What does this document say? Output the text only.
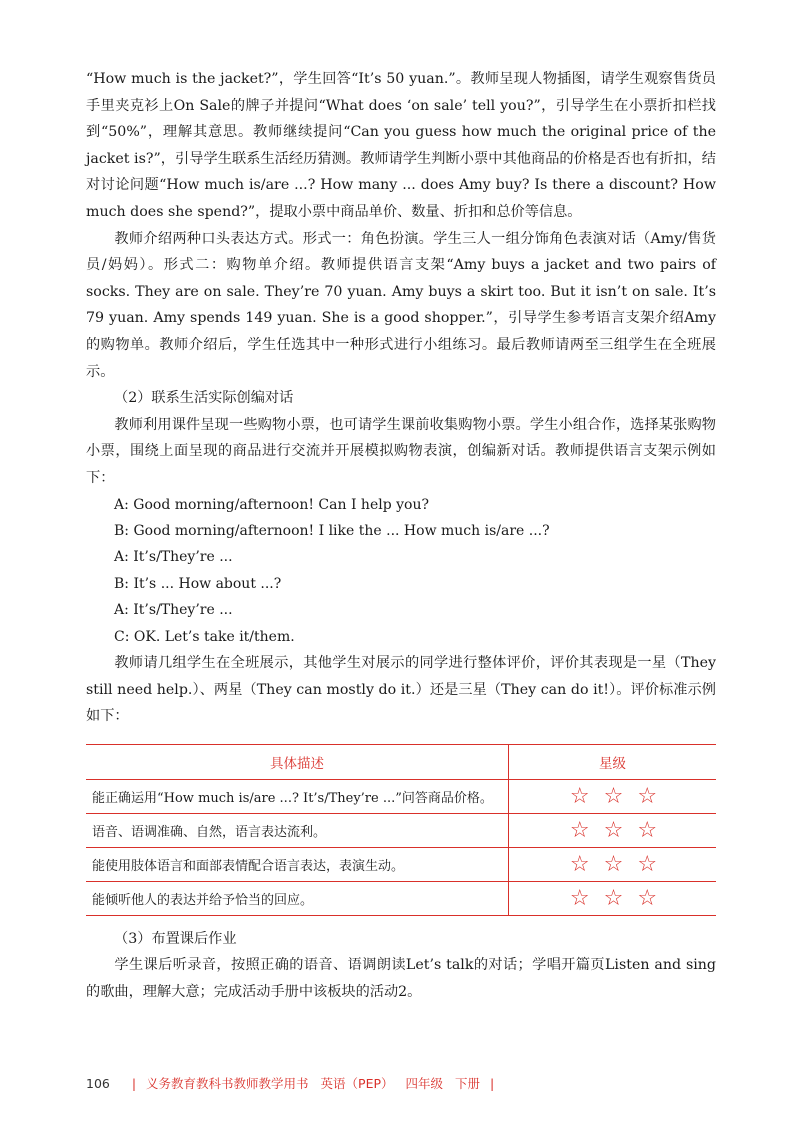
“How much is the jacket?”，学生回答“It’s 50 yuan.”。教师呈现人物插图，请学生观察售货员手里夹克衫上On Sale的牌子并提问“What does ‘on sale’ tell you?”，引导学生在小票折扣栏找到“50%”，理解其意思。教师继续提问“Can you guess how much the original price of the jacket is?”，引导学生联系生活经历猜测。教师请学生判断小票中其他商品的价格是否也有折扣，结对讨论问题“How much is/are ...? How many ... does Amy buy? Is there a discount? How much does she spend?”，提取小票中商品单价、数量、折扣和总价等信息。

教师介绍两种口头表达方式。形式一：角色扮演。学生三人一组分饰角色表演对话（Amy/售货员/妈妈）。形式二：购物单介绍。教师提供语言支架“Amy buys a jacket and two pairs of socks. They are on sale. They’re 70 yuan. Amy buys a skirt too. But it isn’t on sale. It’s 79 yuan. Amy spends 149 yuan. She is a good shopper.”，引导学生参考语言支架介绍Amy的购物单。教师介绍后，学生任选其中一种形式进行小组练习。最后教师请两至三组学生在全班展示。

（2）联系生活实际创编对话

教师利用课件呈现一些购物小票，也可请学生课前收集购物小票。学生小组合作，选择某张购物小票，围绕上面呈现的商品进行交流并开展模拟购物表演，创编新对话。教师提供语言支架示例如下：

A: Good morning/afternoon! Can I help you?

B: Good morning/afternoon! I like the ... How much is/are ...?

A: It’s/They’re ...

B: It’s ... How about ...?

A: It’s/They’re ...

C: OK. Let’s take it/them.

教师请几组学生在全班展示，其他学生对展示的同学进行整体评价，评价其表现是一星（They still need help.）、两星（They can mostly do it.）还是三星（They can do it!）。评价标准示例如下：

具体描述	星级
能正确运用“How much is/are ...? It’s/They’re ...”问答商品价格。	☆☆☆
语音、语调准确、自然，语言表达流利。	☆☆☆
能使用肢体语言和面部表情配合语言表达，表演生动。	☆☆☆
能倾听他人的表达并给予恰当的回应。	☆☆☆

（3）布置课后作业

学生课后听录音，按照正确的语音、语调朗读Let’s talk的对话；学唱开篇页Listen and sing的歌曲，理解大意；完成活动手册中该板块的活动2。

106 | 义务教育教科书教师教学用书 英语（PEP） 四年级 下册 |
